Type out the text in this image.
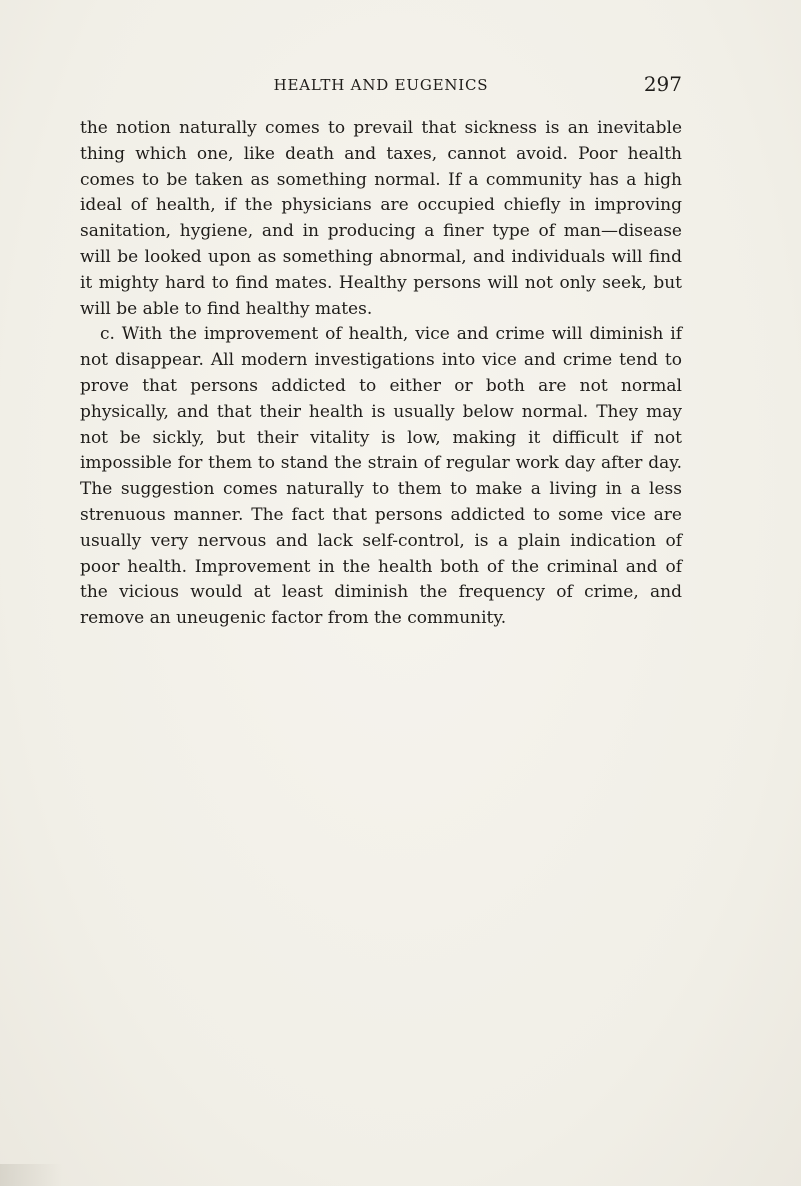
HEALTH AND EUGENICS	297

the notion naturally comes to prevail that sickness is an inevitable thing which one, like death and taxes, cannot avoid. Poor health comes to be taken as something normal. If a community has a high ideal of health, if the physicians are occupied chiefly in improving sanitation, hygiene, and in producing a finer type of man—disease will be looked upon as something abnormal, and individuals will find it mighty hard to find mates. Healthy persons will not only seek, but will be able to find healthy mates.

c. With the improvement of health, vice and crime will diminish if not disappear. All modern investigations into vice and crime tend to prove that persons addicted to either or both are not normal physically, and that their health is usually below normal. They may not be sickly, but their vitality is low, making it difficult if not impossible for them to stand the strain of regular work day after day. The suggestion comes naturally to them to make a living in a less strenuous manner. The fact that persons addicted to some vice are usually very nervous and lack self-control, is a plain indication of poor health. Improvement in the health both of the criminal and of the vicious would at least diminish the frequency of crime, and remove an uneugenic factor from the community.
